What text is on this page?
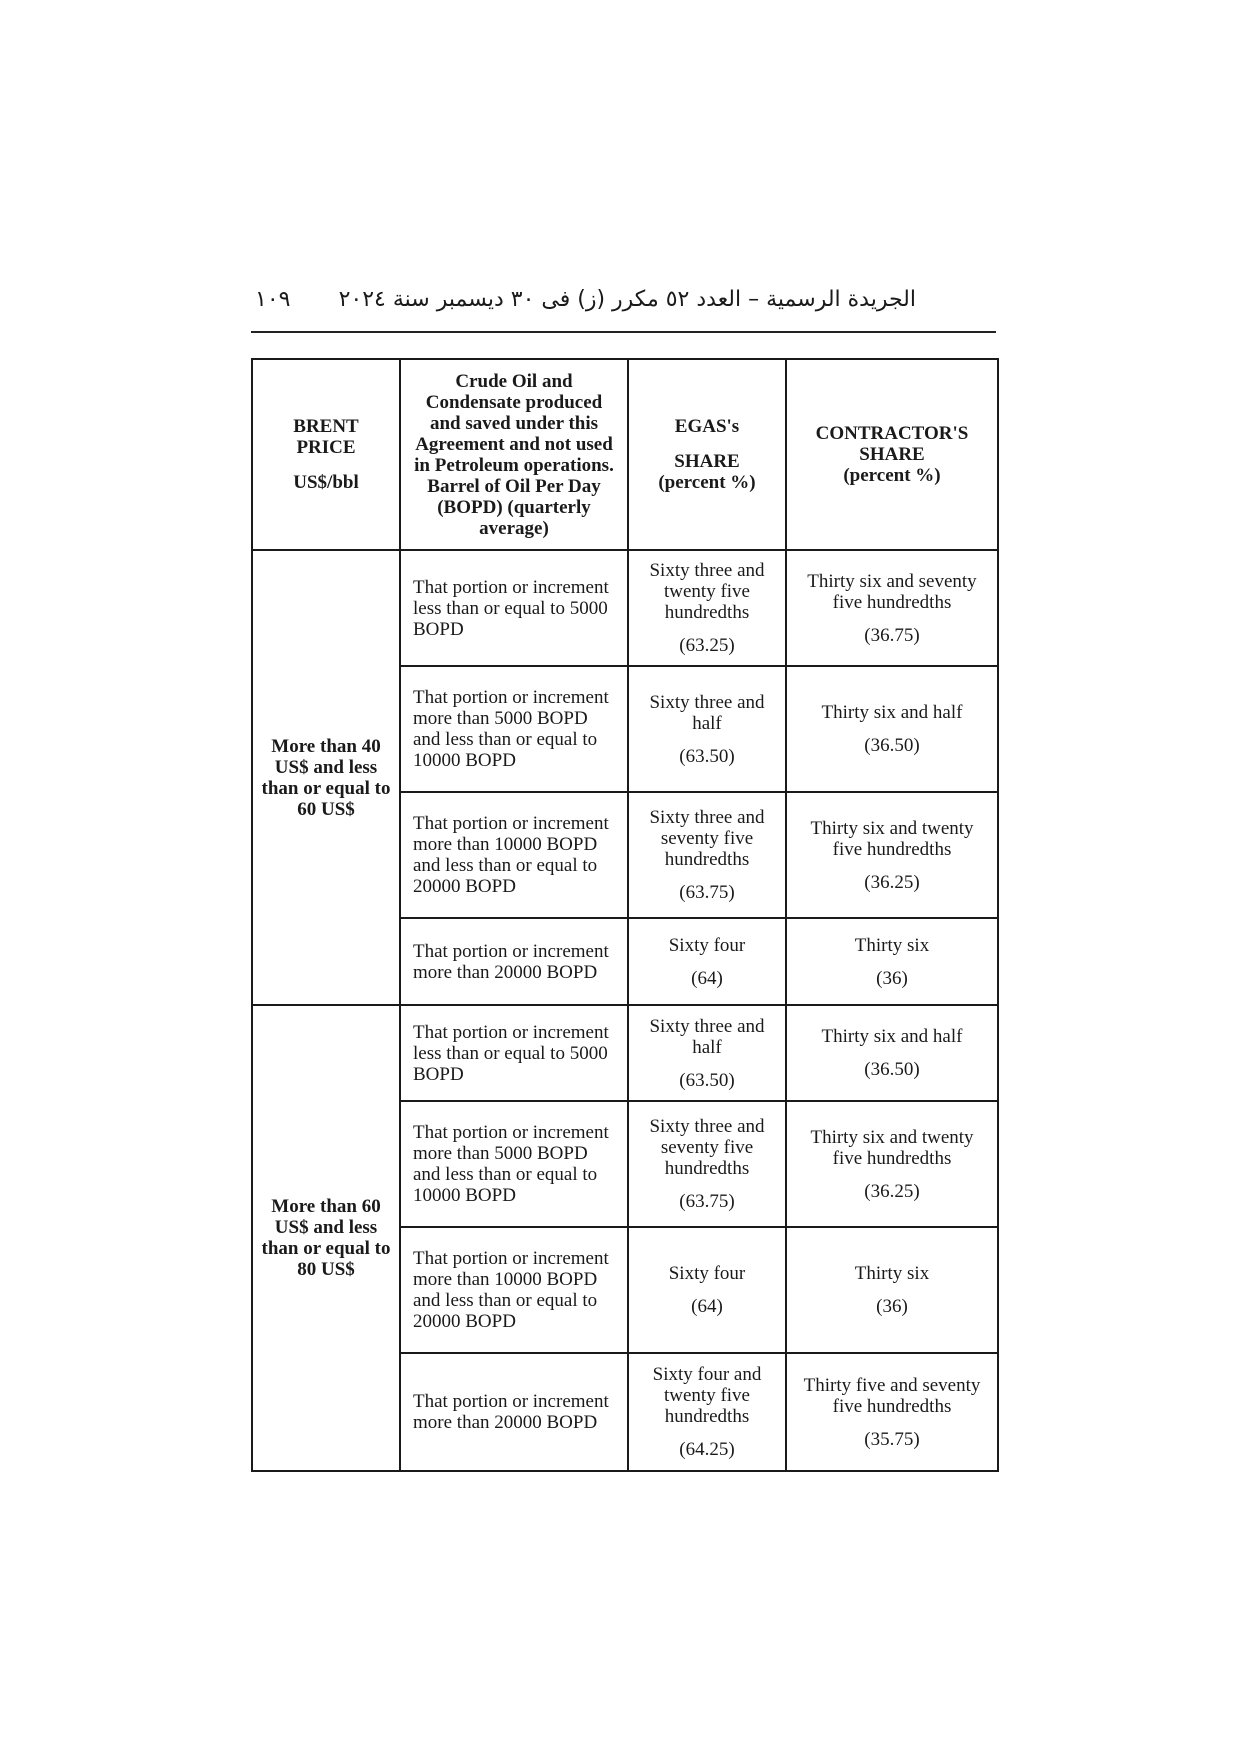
الجريدة الرسمية – العدد ٥٢ مكرر (ز) فى ٣٠ ديسمبر سنة ٢٠٢٤
١٠٩
BRENT
PRICE
US$/bbl	Crude Oil and Condensate produced and saved under this Agreement and not used in Petroleum operations. Barrel of Oil Per Day (BOPD) (quarterly average)	EGAS's
SHARE
(percent %)	CONTRACTOR'S
SHARE
(percent %)

More than 40 US$ and less than or equal to 60 US$	That portion or increment less than or equal to 5000 BOPD	Sixty three and twenty five hundredths
(63.25)	Thirty six and seventy five hundredths
(36.75)

	That portion or increment more than 5000 BOPD and less than or equal to 10000 BOPD	Sixty three and half
(63.50)	Thirty six and half
(36.50)

	That portion or increment more than 10000 BOPD and less than or equal to 20000 BOPD	Sixty three and seventy five hundredths
(63.75)	Thirty six and twenty five hundredths
(36.25)

	That portion or increment more than 20000 BOPD	Sixty four
(64)	Thirty six
(36)

More than 60 US$ and less than or equal to 80 US$	That portion or increment less than or equal to 5000 BOPD	Sixty three and half
(63.50)	Thirty six and half
(36.50)

	That portion or increment more than 5000 BOPD and less than or equal to 10000 BOPD	Sixty three and seventy five hundredths
(63.75)	Thirty six and twenty five hundredths
(36.25)

	That portion or increment more than 10000 BOPD and less than or equal to 20000 BOPD	Sixty four
(64)	Thirty six
(36)

	That portion or increment more than 20000 BOPD	Sixty four and twenty five hundredths
(64.25)	Thirty five and seventy five hundredths
(35.75)
